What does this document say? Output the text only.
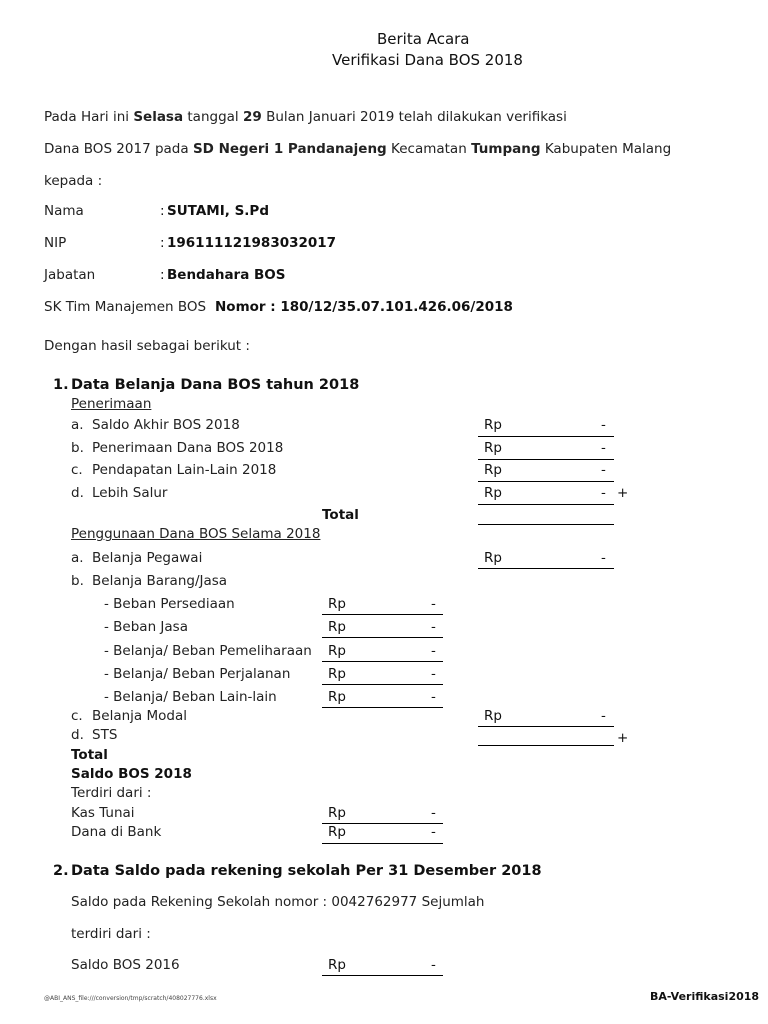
Berita Acara
Verifikasi Dana BOS 2018
Pada Hari ini Selasa tanggal 29 Bulan Januari 2019 telah dilakukan verifikasi
Dana BOS 2017 pada SD Negeri 1 Pandanajeng Kecamatan Tumpang Kabupaten Malang
kepada :
Nama	: SUTAMI, S.Pd
NIP	: 196111121983032017
Jabatan	: Bendahara BOS
SK Tim Manajemen BOS Nomor : 180/12/35.07.101.426.06/2018
Dengan hasil sebagai berikut :
1. Data Belanja Dana BOS tahun 2018
Penerimaan
a. Saldo Akhir BOS 2018	Rp	-
b. Penerimaan Dana BOS 2018	Rp	-
c. Pendapatan Lain-Lain 2018	Rp	-
d. Lebih Salur	Rp	- +
Total
Penggunaan Dana BOS Selama 2018
a. Belanja Pegawai	Rp	-
b. Belanja Barang/Jasa
- Beban Persediaan	Rp	-
- Beban Jasa	Rp	-
- Belanja/ Beban Pemeliharaan Rp	-
- Belanja/ Beban Perjalanan	Rp	-
- Belanja/ Beban Lain-lain	Rp	-
c. Belanja Modal	Rp	-
d. STS	+
Total
Saldo BOS 2018
Terdiri dari :
Kas Tunai	Rp	-
Dana di Bank	Rp	-
2. Data Saldo pada rekening sekolah Per 31 Desember 2018
Saldo pada Rekening Sekolah nomor : 0042762977 Sejumlah
terdiri dari :
Saldo BOS 2016	Rp	-
@ABI_ANS_file:///conversion/tmp/scratch/408027776.xlsx	BA-Verifikasi2018
